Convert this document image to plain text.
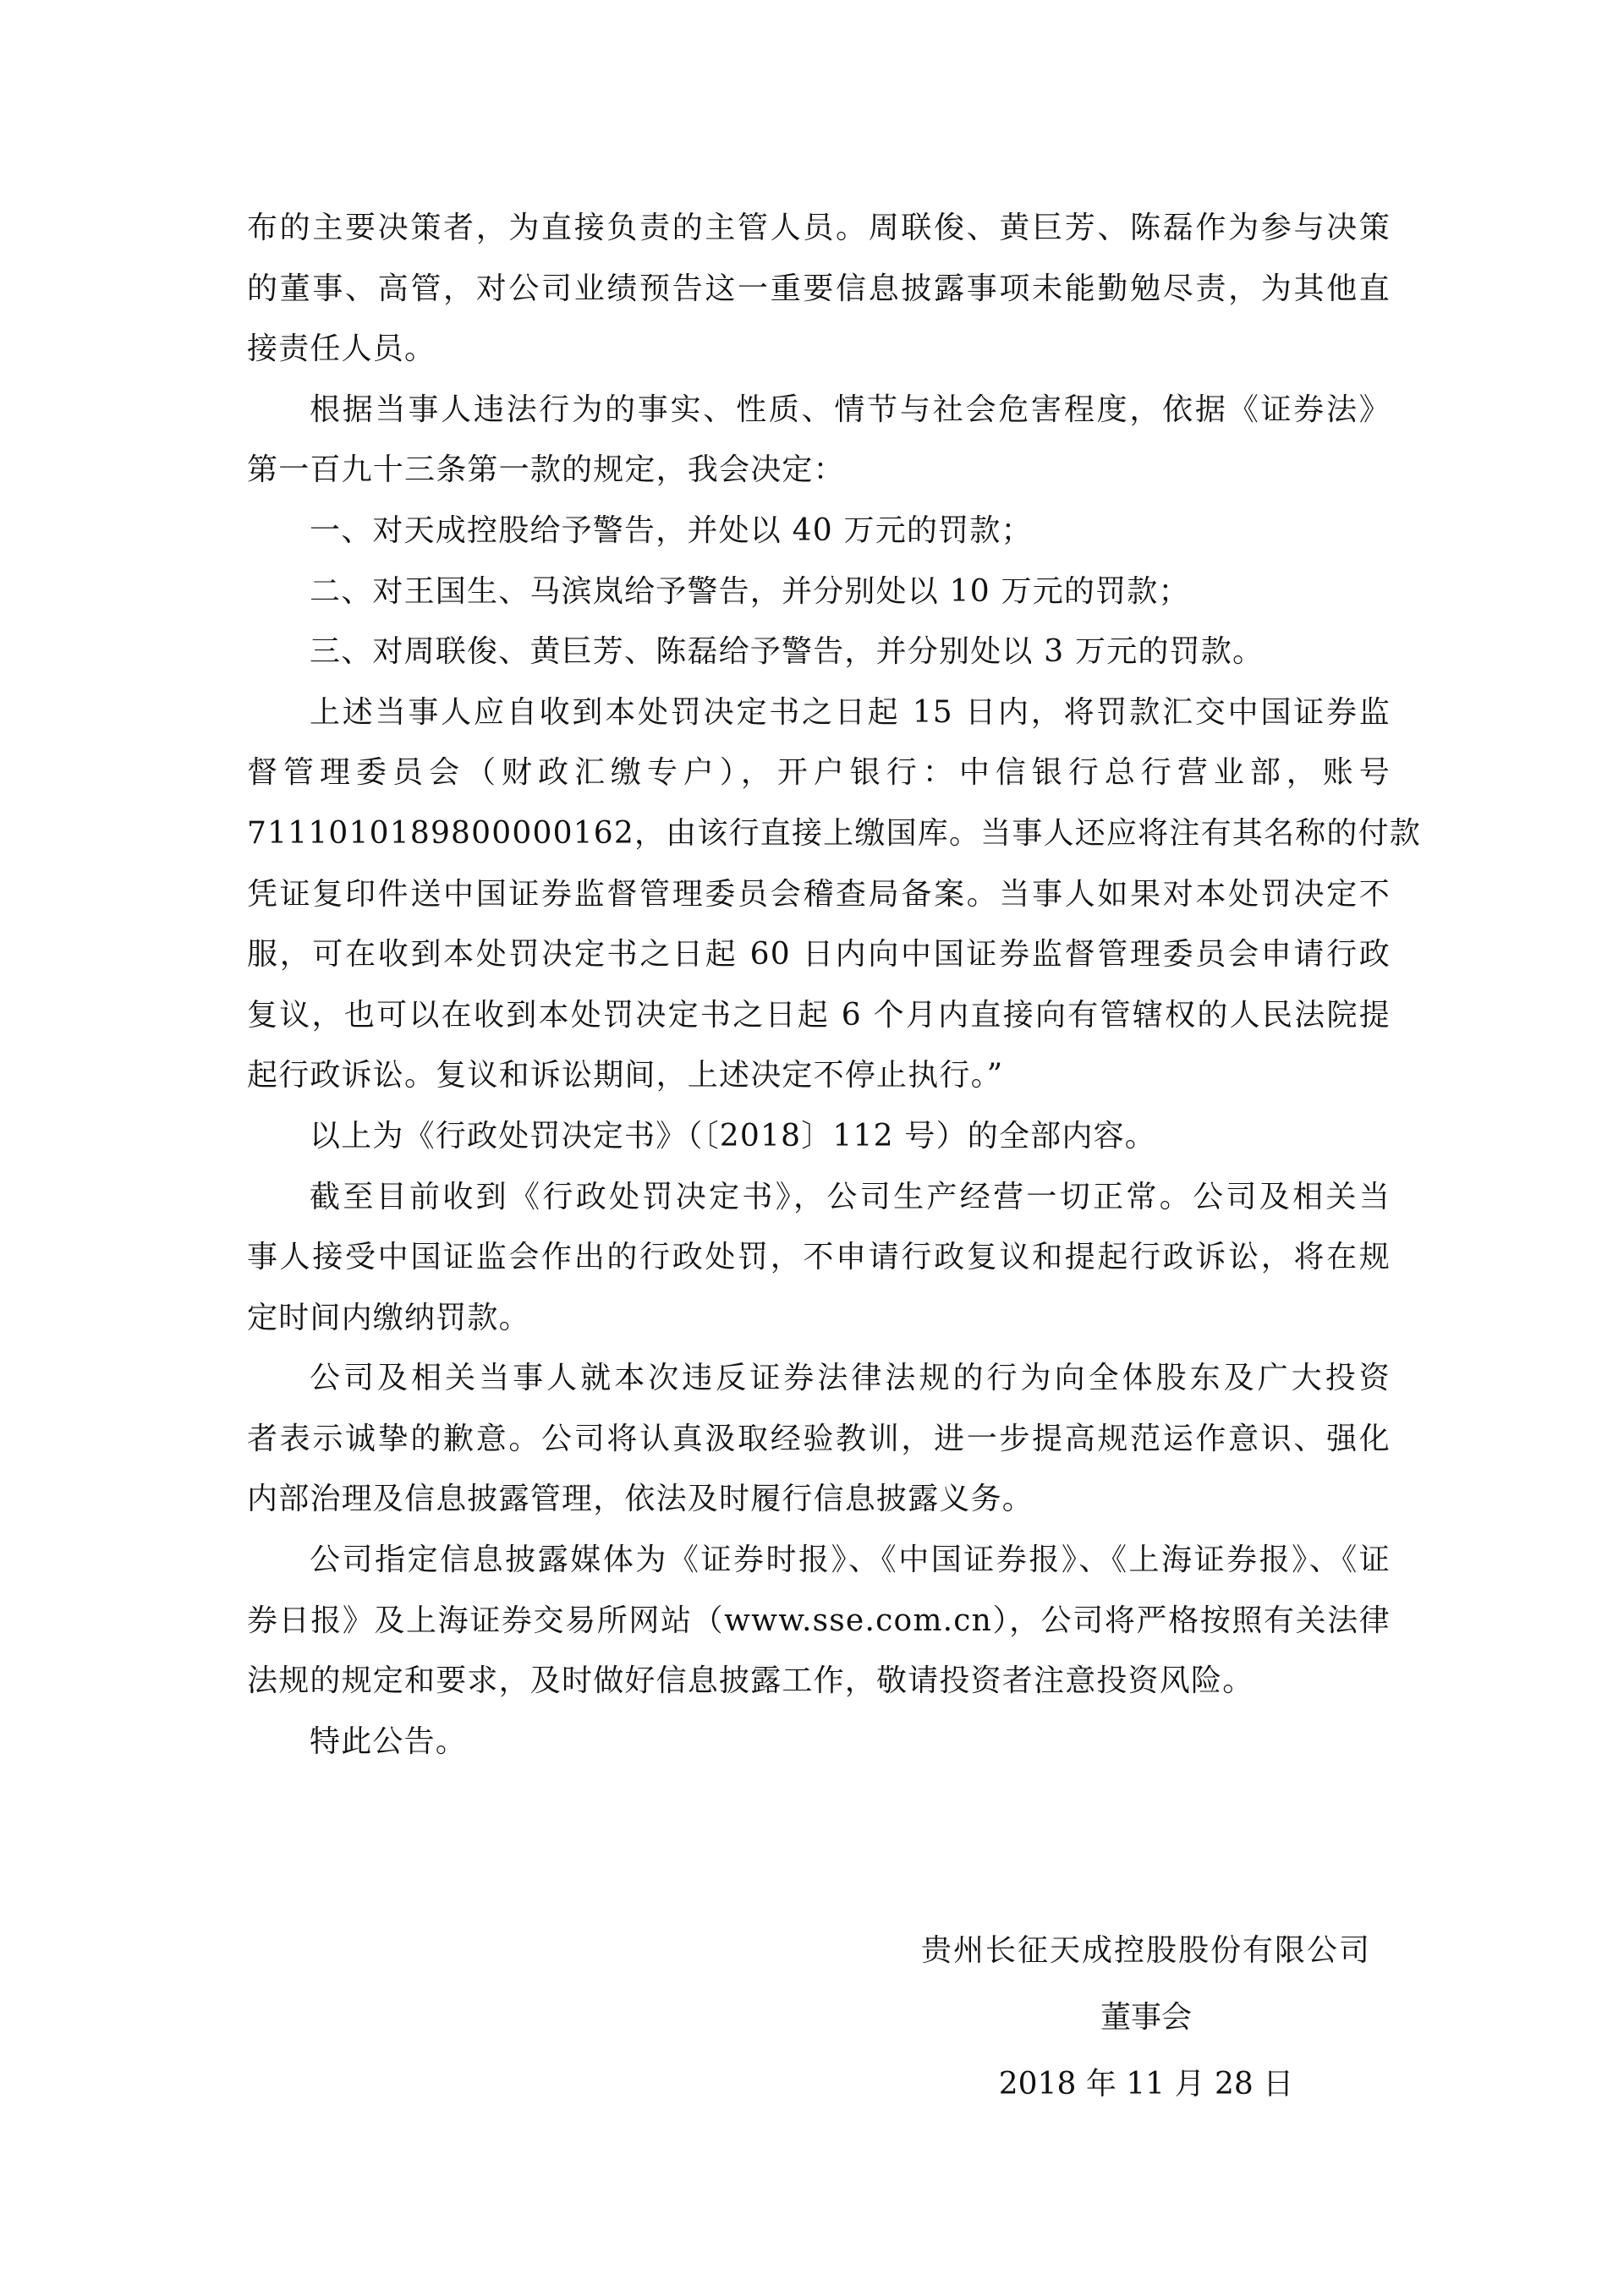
布的主要决策者，为直接负责的主管人员。周联俊、黄巨芳、陈磊作为参与决策
的董事、高管，对公司业绩预告这一重要信息披露事项未能勤勉尽责，为其他直
接责任人员。

根据当事人违法行为的事实、性质、情节与社会危害程度，依据《证券法》
第一百九十三条第一款的规定，我会决定：

一、对天成控股给予警告，并处以 40 万元的罚款；

二、对王国生、马滨岚给予警告，并分别处以 10 万元的罚款；

三、对周联俊、黄巨芳、陈磊给予警告，并分别处以 3 万元的罚款。

上述当事人应自收到本处罚决定书之日起 15 日内，将罚款汇交中国证券监
督管理委员会（财政汇缴专户），开户银行：中信银行总行营业部，账号
7111010189800000162，由该行直接上缴国库。当事人还应将注有其名称的付款
凭证复印件送中国证券监督管理委员会稽查局备案。当事人如果对本处罚决定不
服，可在收到本处罚决定书之日起 60 日内向中国证券监督管理委员会申请行政
复议，也可以在收到本处罚决定书之日起 6 个月内直接向有管辖权的人民法院提
起行政诉讼。复议和诉讼期间，上述决定不停止执行。”

以上为《行政处罚决定书》（〔2018〕112 号）的全部内容。

截至目前收到《行政处罚决定书》，公司生产经营一切正常。公司及相关当
事人接受中国证监会作出的行政处罚，不申请行政复议和提起行政诉讼，将在规
定时间内缴纳罚款。

公司及相关当事人就本次违反证券法律法规的行为向全体股东及广大投资
者表示诚挚的歉意。公司将认真汲取经验教训，进一步提高规范运作意识、强化
内部治理及信息披露管理，依法及时履行信息披露义务。

公司指定信息披露媒体为《证券时报》、《中国证券报》、《上海证券报》、《证
券日报》及上海证券交易所网站（www.sse.com.cn），公司将严格按照有关法律
法规的规定和要求，及时做好信息披露工作，敬请投资者注意投资风险。

特此公告。

贵州长征天成控股股份有限公司
董事会
2018 年 11 月 28 日
